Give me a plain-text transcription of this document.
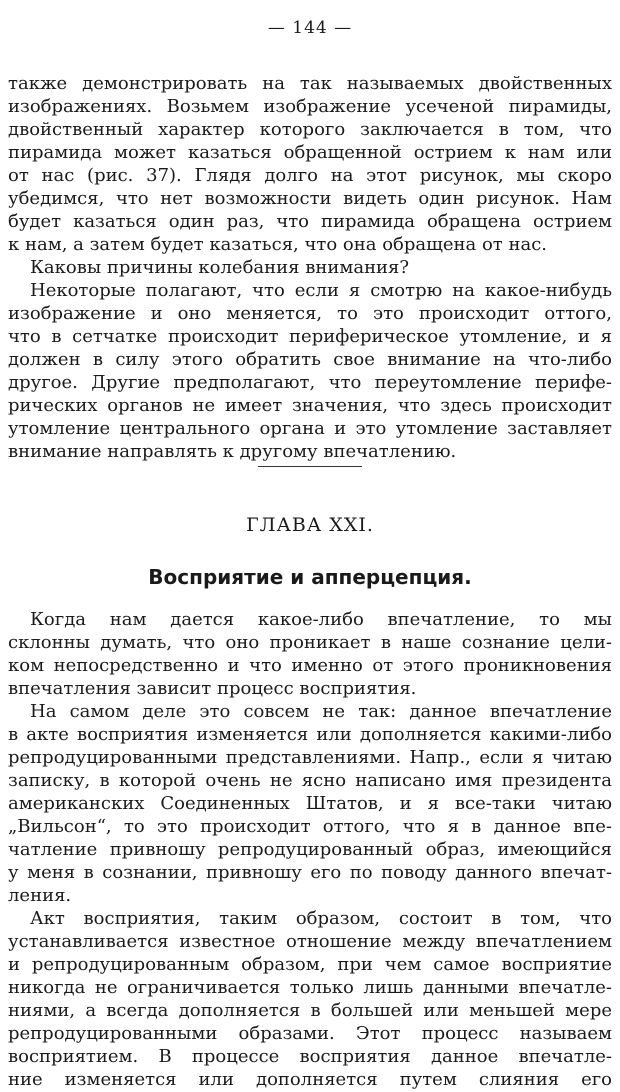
— 144 —
также демонстрировать на так называемых двойственных
изображениях. Возьмем изображение усеченой пирамиды,
двойственный характер которого заключается в том, что
пирамида может казаться обращенной острием к нам или
от нас (рис. 37). Глядя долго на этот рисунок, мы скоро
убедимся, что нет возможности видеть один рисунок. Нам
будет казаться один раз, что пирамида обращена острием
к нам, а затем будет казаться, что она обращена от нас.
Каковы причины колебания внимания?
Некоторые полагают, что если я смотрю на какое-нибудь
изображение и оно меняется, то это происходит оттого,
что в сетчатке происходит периферическое утомление, и я
должен в силу этого обратить свое внимание на что-либо
другое. Другие предполагают, что переутомление перифе-
рических органов не имеет значения, что здесь происходит
утомление центрального органа и это утомление заставляет
внимание направлять к другому впечатлению.
ГЛАВА XXI.
Восприятие и апперцепция.
Когда нам дается какое-либо впечатление, то мы
склонны думать, что оно проникает в наше сознание цели-
ком непосредственно и что именно от этого проникновения
впечатления зависит процесс восприятия.
На самом деле это совсем не так: данное впечатление
в акте восприятия изменяется или дополняется какими-либо
репродуцированными представлениями. Напр., если я читаю
записку, в которой очень не ясно написано имя президента
американских Соединенных Штатов, и я все-таки читаю
„Вильсон“, то это происходит оттого, что я в данное впе-
чатление привношу репродуцированный образ, имеющийся
у меня в сознании, привношу его по поводу данного впечат-
ления.
Акт восприятия, таким образом, состоит в том, что
устанавливается известное отношение между впечатлением
и репродуцированным образом, при чем самое восприятие
никогда не ограничивается только лишь данными впечатле-
ниями, а всегда дополняется в большей или меньшей мере
репродуцированными образами. Этот процесс называем
восприятием. В процессе восприятия данное впечатле-
ние изменяется или дополняется путем слияния его
